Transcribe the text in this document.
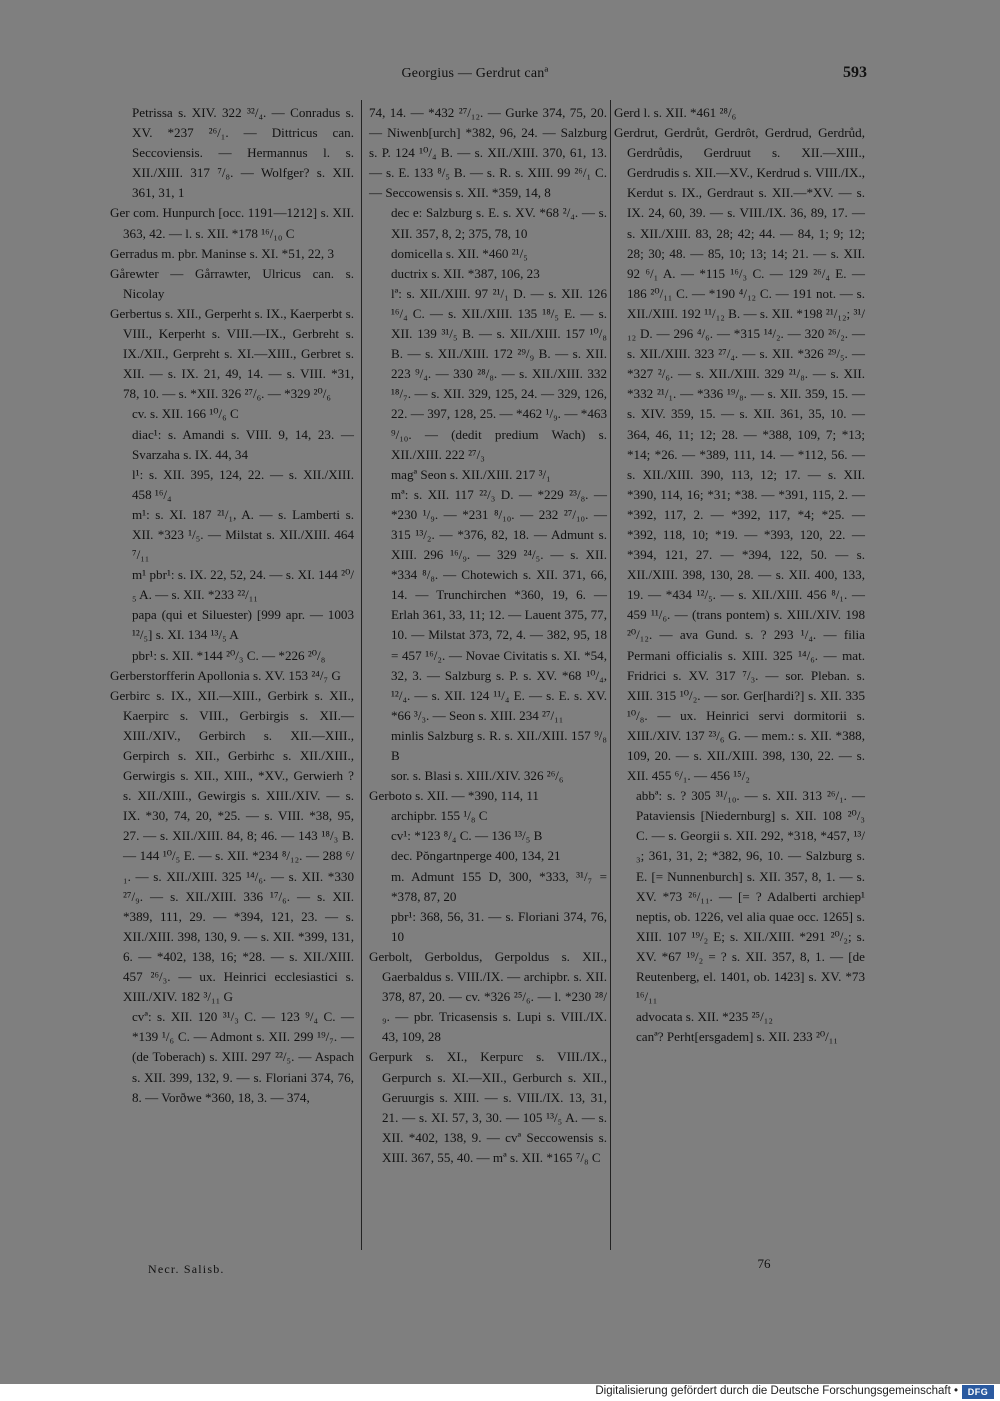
Georgius — Gerdrut canª	593

Petrissa s. XIV. 322 ³²/₄. — Conradus s. XV. *237 ²⁶/₁. — Dittricus can. Seccoviensis. — Hermannus l. s. XII./XIII. 317 ⁷/₈. — Wolfger? s. XII. 361, 31, 1

Ger com. Hunpurch [occ. 1191—1212] s. XII. 363, 42. — l. s. XII. *178 ¹⁶/₁₀ C

Gerradus m. pbr. Maninse s. XI. *51, 22, 3

Gårewter — Gårrawter, Ulricus can. s. Nicolay

Gerbertus s. XII., Gerperht s. IX., Kaerperbt s. VIII., Kerperht s. VIII.—IX., Gerbreht s. IX./XII., Gerpreht s. XI.—XIII., Gerbret s. XII. — s. IX. 21, 49, 14. — s. VIII. *31, 78, 10. — s. *XII. 326 ²⁷/₆. — *329 ²⁰/₆

cv. s. XII. 166 ¹⁰/₆ C

diac¹: s. Amandi s. VIII. 9, 14, 23. — Svarzaha s. IX. 44, 34

l¹: s. XII. 395, 124, 22. — s. XII./XIII. 458 ¹⁶/₄

m¹: s. XI. 187 ²¹/₁, A. — s. Lamberti s. XII. *323 ¹/₅. — Milstat s. XII./XIII. 464 ⁷/₁₁

m¹ pbr¹: s. IX. 22, 52, 24. — s. XI. 144 ²⁰/₅ A. — s. XII. *233 ²²/₁₁

papa (qui et Siluester) [999 apr. — 1003 ¹²/₅] s. XI. 134 ¹³/₅ A

pbr¹: s. XII. *144 ²⁰/₃ C. — *226 ²⁰/₈

Gerberstorfferin Apollonia s. XV. 153 ²⁴/₇ G

Gerbirc s. IX., XII.—XIII., Gerbirk s. XII., Kaerpirc s. VIII., Gerbirgis s. XII.—XIII./XIV., Gerbirch s. XII.—XIII., Gerpirch s. XII., Gerbirhc s. XII./XIII., Gerwirgis s. XII., XIII., *XV., Gerwierh ? s. XII./XIII., Gewirgis s. XIII./XIV. — s. IX. *30, 74, 20, *25. — s. VIII. *38, 95, 27. — s. XII./XIII. 84, 8; 46. — 143 ¹⁸/₃ B. — 144 ¹⁰/₅ E. — s. XII. *234 ⁸/₁₂. — 288 ⁶/₁. — s. XII./XIII. 325 ¹⁴/₆. — s. XII. *330 ²⁷/₉. — s. XII./XIII. 336 ¹⁷/₆. — s. XII. *389, 111, 29. — *394, 121, 23. — s. XII./XIII. 398, 130, 9. — s. XII. *399, 131, 6. — *402, 138, 16; *28. — s. XII./XIII. 457 ²⁶/₃. — ux. Heinrici ecclesiastici s. XIII./XIV. 182 ³/₁₁ G

cvª: s. XII. 120 ³¹/₃ C. — 123 ⁹/₄ C. — *139 ¹/₆ C. — Admont s. XII. 299 ¹⁹/₇. — (de Toberach) s. XIII. 297 ²²/₅. — Aspach s. XII. 399, 132, 9. — s. Floriani 374, 76, 8. — Vorðwe *360, 18, 3. — 374,

74, 14. — *432 ²⁷/₁₂. — Gurke 374, 75, 20. — Niwenb[urch] *382, 96, 24. — Salzburg s. P. 124 ¹⁰/₄ B. — s. XII./XIII. 370, 61, 13. — s. E. 133 ⁸/₅ B. — s. R. s. XIII. 99 ²⁶/₁ C. — Seccowensis s. XII. *359, 14, 8

dec e: Salzburg s. E. s. XV. *68 ²/₄. — s. XII. 357, 8, 2; 375, 78, 10

domicella s. XII. *460 ²¹/₅

ductrix s. XII. *387, 106, 23

lª: s. XII./XIII. 97 ²¹/₁ D. — s. XII. 126 ¹⁶/₄ C. — s. XII./XIII. 135 ¹⁸/₅ E. — s. XII. 139 ³¹/₅ B. — s. XII./XIII. 157 ¹⁰/₈ B. — s. XII./XIII. 172 ²⁹/₉ B. — s. XII. 223 ⁹/₄. — 330 ²⁸/₈. — s. XII./XIII. 332 ¹⁸/₇. — s. XII. 329, 125, 24. — 329, 126, 22. — 397, 128, 25. — *462 ¹/₉. — *463 ⁹/₁₀. — (dedit predium Wach) s. XII./XIII. 222 ²⁷/₃

magª Seon s. XII./XIII. 217 ³/₁

mª: s. XII. 117 ²²/₃ D. — *229 ²³/₈. — *230 ¹/₉. — *231 ⁸/₁₀. — 232 ²⁷/₁₀. — 315 ¹³/₂. — *376, 82, 18. — Admunt s. XIII. 296 ¹⁶/₉. — 329 ²⁴/₅. — s. XII. *334 ⁸/₈. — Chotewich s. XII. 371, 66, 14. — Trunchirchen *360, 19, 6. — Erlah 361, 33, 11; 12. — Lauent 375, 77, 10. — Milstat 373, 72, 4. — 382, 95, 18 = 457 ¹⁶/₂. — Novae Civitatis s. XI. *54, 32, 3. — Salzburg s. P. s. XV. *68 ¹⁰/₄, ¹²/₄. — s. XII. 124 ¹¹/₄ E. — s. E. s. XV. *66 ³/₃. — Seon s. XIII. 234 ²⁷/₁₁

minlis Salzburg s. R. s. XII./XIII. 157 ⁹/₈ B

sor. s. Blasi s. XIII./XIV. 326 ²⁶/₆

Gerboto s. XII. — *390, 114, 11

archipbr. 155 ¹/₈ C

cv¹: *123 ⁸/₄ C. — 136 ¹³/₅ B

dec. Pŏngartnperge 400, 134, 21

m. Admunt 155 D, 300, *333, ³¹/₇ = *378, 87, 20

pbr¹: 368, 56, 31. — s. Floriani 374, 76, 10

Gerbolt, Gerboldus, Gerpoldus s. XII., Gaerbaldus s. VIII./IX. — archipbr. s. XII. 378, 87, 20. — cv. *326 ²⁵/₆. — l. *230 ²⁸/₉. — pbr. Tricasensis s. Lupi s. VIII./IX. 43, 109, 28

Gerpurk s. XI., Kerpurc s. VIII./IX., Gerpurch s. XI.—XII., Gerburch s. XII., Geruurgis s. XIII. — s. VIII./IX. 13, 31, 21. — s. XI. 57, 3, 30. — 105 ¹³/₅ A. — s. XII. *402, 138, 9. — cvª Seccowensis s. XIII. 367, 55, 40. — mª s. XII. *165 ⁷/₈ C

Gerd l. s. XII. *461 ²⁸/₆

Gerdrut, Gerdrůt, Gerdrôt, Gerdrud, Gerdrůd, Gerdrůdis, Gerdruut s. XII.—XIII., Gerdrudis s. XII.—XV., Kerdrud s. VIII./IX., Kerdut s. IX., Gerdraut s. XII.—*XV. — s. IX. 24, 60, 39. — s. VIII./IX. 36, 89, 17. — s. XII./XIII. 83, 28; 42; 44. — 84, 1; 9; 12; 28; 30; 48. — 85, 10; 13; 14; 21. — s. XII. 92 ⁶/₁ A. — *115 ¹⁶/₃ C. — 129 ²⁶/₄ E. — 186 ²⁰/₁₁ C. — *190 ⁴/₁₂ C. — 191 not. — s. XII./XIII. 192 ¹¹/₁₂ B. — s. XII. *198 ²¹/₁₂; ³¹/₁₂ D. — 296 ⁴/₆. — *315 ¹⁴/₂. — 320 ²⁶/₂. — s. XII./XIII. 323 ²⁷/₄. — s. XII. *326 ²⁹/₅. — *327 ²/₆. — s. XII./XIII. 329 ²¹/₈. — s. XII. *332 ²¹/₁. — *336 ¹⁹/₈. — s. XII. 359, 15. — s. XIV. 359, 15. — s. XII. 361, 35, 10. — 364, 46, 11; 12; 28. — *388, 109, 7; *13; *14; *26. — *389, 111, 14. — *112, 56. — s. XII./XIII. 390, 113, 12; 17. — s. XII. *390, 114, 16; *31; *38. — *391, 115, 2. — *392, 117, 2. — *392, 117, *4; *25. — *392, 118, 10; *19. — *393, 120, 22. — *394, 121, 27. — *394, 122, 50. — s. XII./XIII. 398, 130, 28. — s. XII. 400, 133, 19. — *434 ¹²/₅. — s. XII./XIII. 456 ⁸/₁. — 459 ¹¹/₆. — (trans pontem) s. XIII./XIV. 198 ²⁰/₁₂. — ava Gund. s. ? 293 ¹/₄. — filia Permani officialis s. XIII. 325 ¹⁴/₆. — mat. Fridrici s. XV. 317 ⁷/₃. — sor. Pleban. s. XIII. 315 ¹⁰/₂. — sor. Ger[hardi?] s. XII. 335 ¹⁰/₈. — ux. Heinrici servi dormitorii s. XIII./XIV. 137 ²³/₆ G. — mem.: s. XII. *388, 109, 20. — s. XII./XIII. 398, 130, 22. — s. XII. 455 ⁶/₁. — 456 ¹⁵/₂

abbª: s. ? 305 ³¹/₁₀. — s. XII. 313 ²⁶/₁. — Pataviensis [Niedernburg] s. XII. 108 ²⁰/₃ C. — s. Georgii s. XII. 292, *318, *457, ¹³/₃; 361, 31, 2; *382, 96, 10. — Salzburg s. E. [= Nunnenburch] s. XII. 357, 8, 1. — s. XV. *73 ²⁶/₁₁. — [= ? Adalberti archiep¹ neptis, ob. 1226, vel alia quae occ. 1265] s. XIII. 107 ¹⁹/₂ E; s. XII./XIII. *291 ²⁰/₂; s. XV. *67 ¹⁹/₂ = ? s. XII. 357, 8, 1. — [de Reutenberg, el. 1401, ob. 1423] s. XV. *73 ¹⁶/₁₁

advocata s. XII. *235 ²⁵/₁₂

canª? Perht[ersgadem] s. XII. 233 ²⁰/₁₁

Necr. Salisb.	76
Digitalisierung gefördert durch die Deutsche Forschungsgemeinschaft •	DFG
